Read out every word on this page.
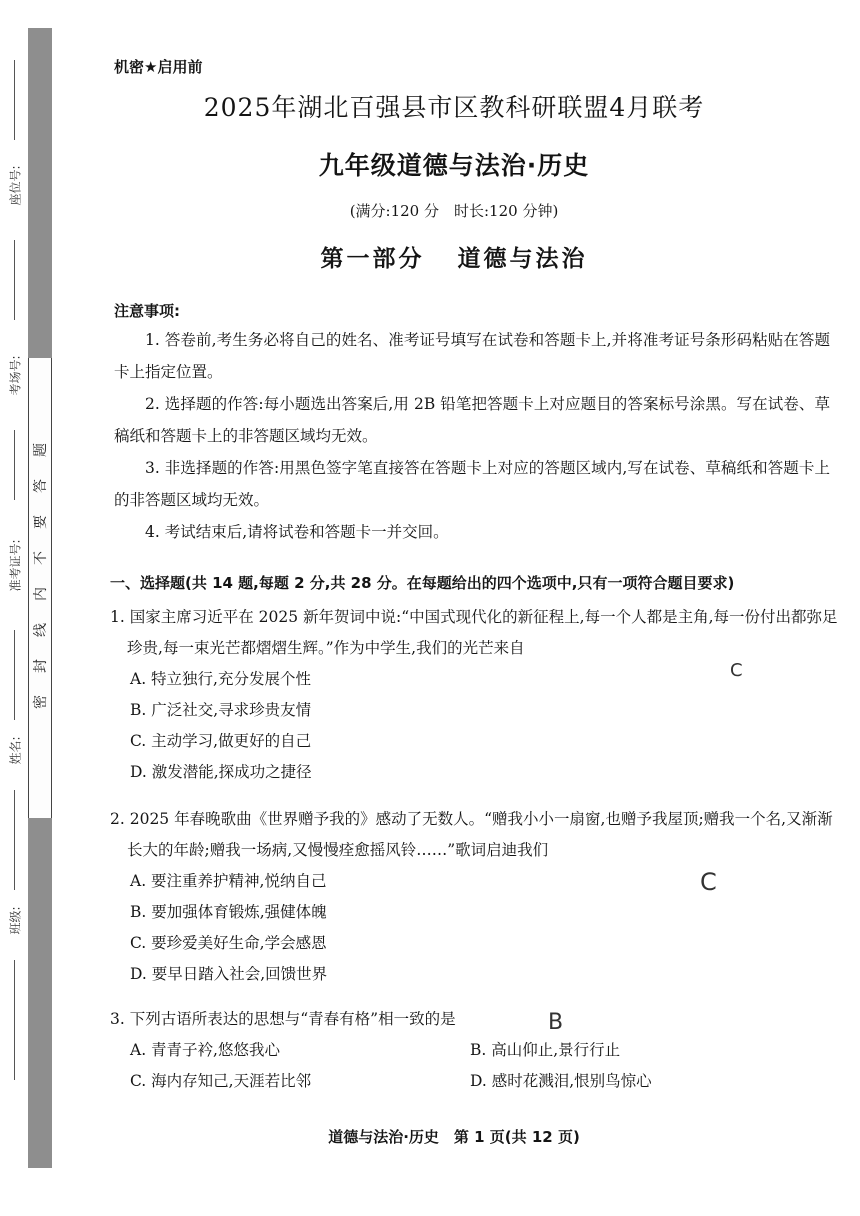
座位号:
考场号:
准考证号:
姓名:
班级:
题
答
要
不
内
线
封
密
机密★启用前
2025年湖北百强县市区教科研联盟4月联考
九年级道德与法治·历史
(满分:120 分　时长:120 分钟)
第一部分 道德与法治
注意事项:

1. 答卷前,考生务必将自己的姓名、准考证号填写在试卷和答题卡上,并将准考证号条形码粘贴在答题卡上指定位置。

2. 选择题的作答:每小题选出答案后,用 2B 铅笔把答题卡上对应题目的答案标号涂黑。写在试卷、草稿纸和答题卡上的非答题区域均无效。

3. 非选择题的作答:用黑色签字笔直接答在答题卡上对应的答题区域内,写在试卷、草稿纸和答题卡上的非答题区域均无效。

4. 考试结束后,请将试卷和答题卡一并交回。

一、选择题(共 14 题,每题 2 分,共 28 分。在每题给出的四个选项中,只有一项符合题目要求)
1. 国家主席习近平在 2025 新年贺词中说:“中国式现代化的新征程上,每一个人都是主角,每一份付出都弥足珍贵,每一束光芒都熠熠生辉。”作为中学生,我们的光芒来自
A. 特立独行,充分发展个性
B. 广泛社交,寻求珍贵友情
C. 主动学习,做更好的自己
D. 激发潜能,探成功之捷径
C
2. 2025 年春晚歌曲《世界赠予我的》感动了无数人。“赠我小小一扇窗,也赠予我屋顶;赠我一个名,又渐渐长大的年龄;赠我一场病,又慢慢痊愈摇风铃……”歌词启迪我们
A. 要注重养护精神,悦纳自己
B. 要加强体育锻炼,强健体魄
C. 要珍爱美好生命,学会感恩
D. 要早日踏入社会,回馈世界
C
3. 下列古语所表达的思想与“青春有格”相一致的是
A. 青青子衿,悠悠我心	B. 高山仰止,景行行止
C. 海内存知己,天涯若比邻	D. 感时花溅泪,恨别鸟惊心
B
道德与法治·历史　第 1 页(共 12 页)
